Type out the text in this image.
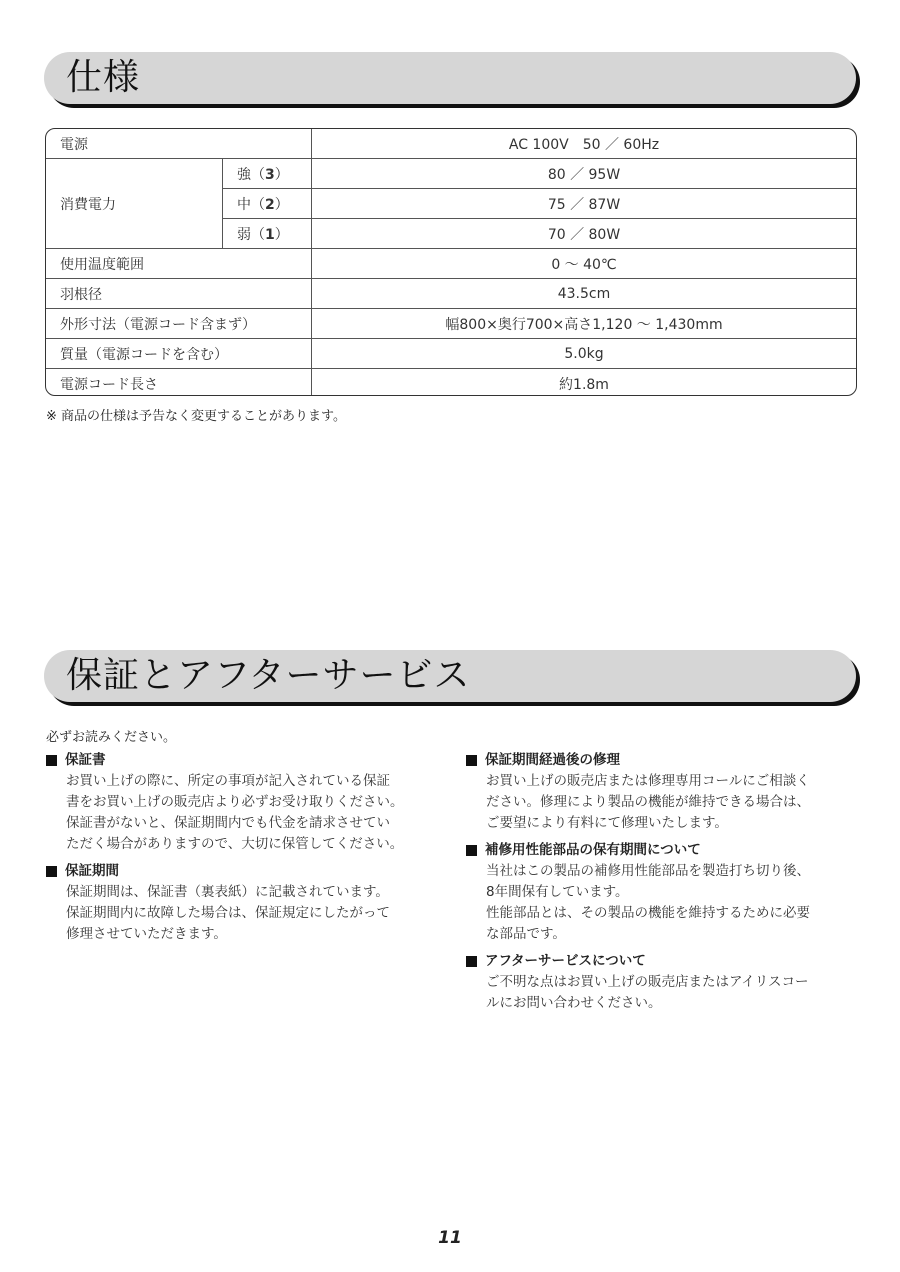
仕様
電源		AC 100V　50 ／ 60Hz
消費電力	強（3）	80 ／ 95W
	中（2）	75 ／ 87W
	弱（1）	70 ／ 80W
使用温度範囲		0 ～ 40℃
羽根径		43.5cm
外形寸法（電源コード含まず）		幅800×奥行700×高さ1,120 ～ 1,430mm
質量（電源コードを含む）		5.0kg
電源コード長さ		約1.8m
※ 商品の仕様は予告なく変更することがあります。
保証とアフターサービス
必ずお読みください。
保証書

お買い上げの際に、所定の事項が記入されている保証

書をお買い上げの販売店より必ずお受け取りください。

保証書がないと、保証期間内でも代金を請求させてい

ただく場合がありますので、大切に保管してください。

保証期間

保証期間は、保証書（裏表紙）に記載されています。

保証期間内に故障した場合は、保証規定にしたがって

修理させていただきます。

保証期間経過後の修理

お買い上げの販売店または修理専用コールにご相談く

ださい。修理により製品の機能が維持できる場合は、

ご要望により有料にて修理いたします。

補修用性能部品の保有期間について

当社はこの製品の補修用性能部品を製造打ち切り後、

8年間保有しています。

性能部品とは、その製品の機能を維持するために必要

な部品です。

アフターサービスについて

ご不明な点はお買い上げの販売店またはアイリスコー

ルにお問い合わせください。

11
